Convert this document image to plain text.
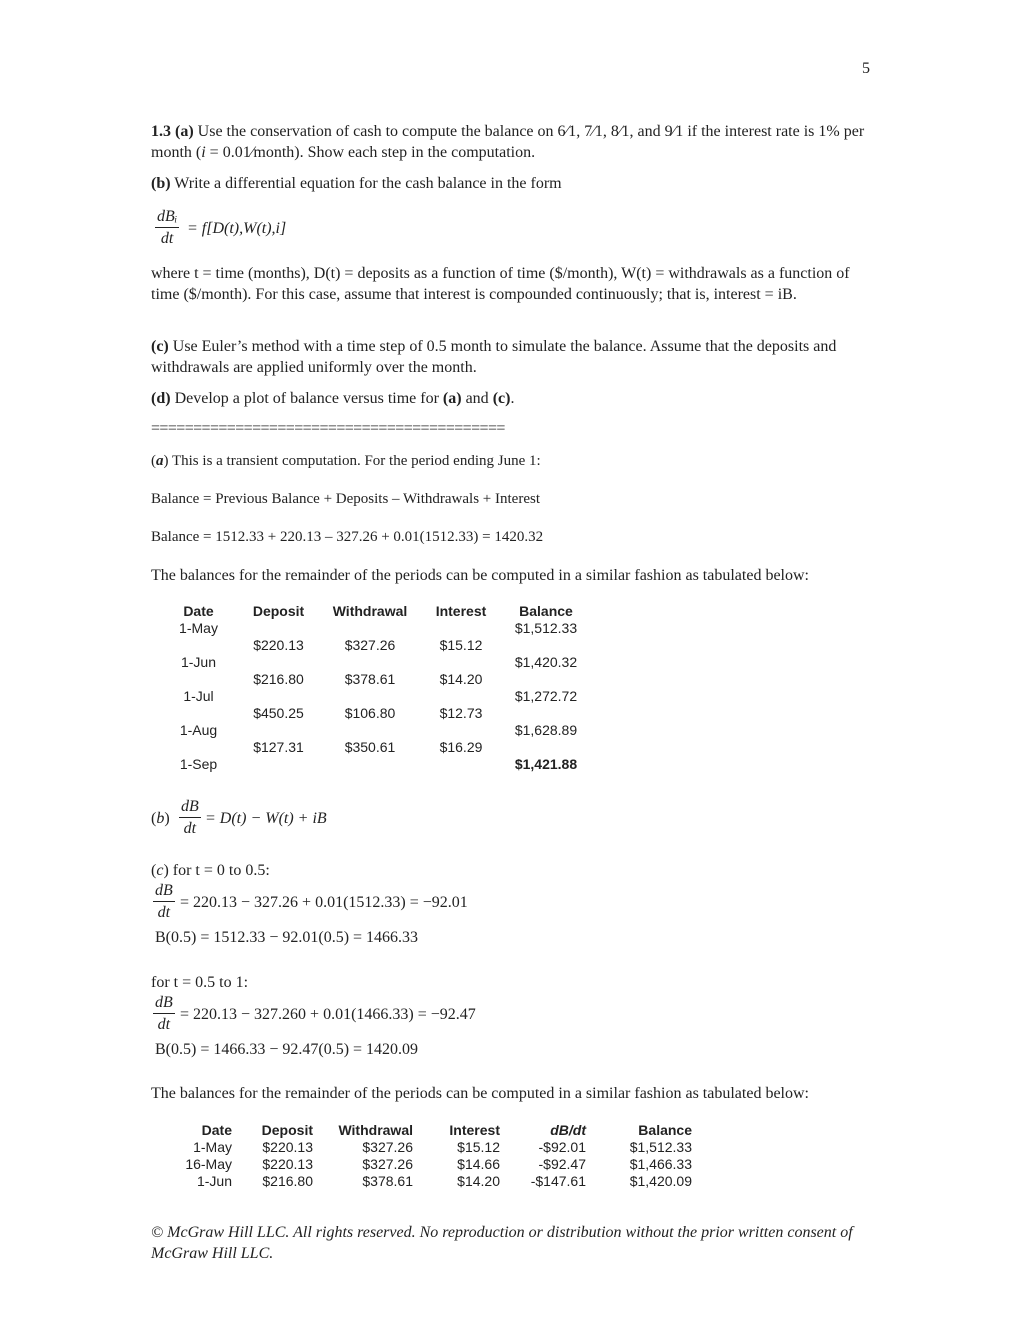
5

1.3 (a) Use the conservation of cash to compute the balance on 6⁄1, 7⁄1, 8⁄1, and 9⁄1 if the interest rate is 1% per month (i = 0.01⁄month). Show each step in the computation.

(b) Write a differential equation for the cash balance in the form

dBᵢ
dt
= f[D(t),W(t),i]

where t = time (months), D(t) = deposits as a function of time ($/month), W(t) = withdrawals as a function of time ($/month). For this case, assume that interest is compounded continuously; that is, interest = iB.

(c) Use Euler’s method with a time step of 0.5 month to simulate the balance. Assume that the deposits and withdrawals are applied uniformly over the month.

(d) Develop a plot of balance versus time for (a) and (c).

==========================================

(a) This is a transient computation. For the period ending June 1:

Balance = Previous Balance + Deposits – Withdrawals + Interest

Balance = 1512.33 + 220.13 – 327.26 + 0.01(1512.33) = 1420.32

The balances for the remainder of the periods can be computed in a similar fashion as tabulated below:

Date	Deposit	Withdrawal	Interest	Balance
1-May				$1,512.33
	$220.13	$327.26	$15.12	
1-Jun				$1,420.32
	$216.80	$378.61	$14.20	
1-Jul				$1,272.72
	$450.25	$106.80	$12.73	
1-Aug				$1,628.89
	$127.31	$350.61	$16.29	
1-Sep				$1,421.88
$(b) \frac{dB}{dt} = D(t) - W(t)$ + iB

(c) for t = 0 to 0.5:

$\frac{dB}{dt} = 220.13 - 327.26 + 0.01(1512.33) = -92.01$
B(0.5) = 1512.33 − 92.01(0.5) = 1466.33

for t = 0.5 to 1:

$\frac{dB}{dt} = 220.13 - 327.260 + 0.01(1466.33) = -92.47$
B(0.5) = 1466.33 − 92.47(0.5) = 1420.09

The balances for the remainder of the periods can be computed in a similar fashion as tabulated below:

Date	Deposit	Withdrawal	Interest	dB/dt	Balance
1-May	$220.13	$327.26	$15.12	-$92.01	$1,512.33
16-May	$220.13	$327.26	$14.66	-$92.47	$1,466.33
1-Jun	$216.80	$378.61	$14.20	-$147.61	$1,420.09
© McGraw Hill LLC. All rights reserved. No reproduction or distribution without the prior written consent of McGraw Hill LLC.
